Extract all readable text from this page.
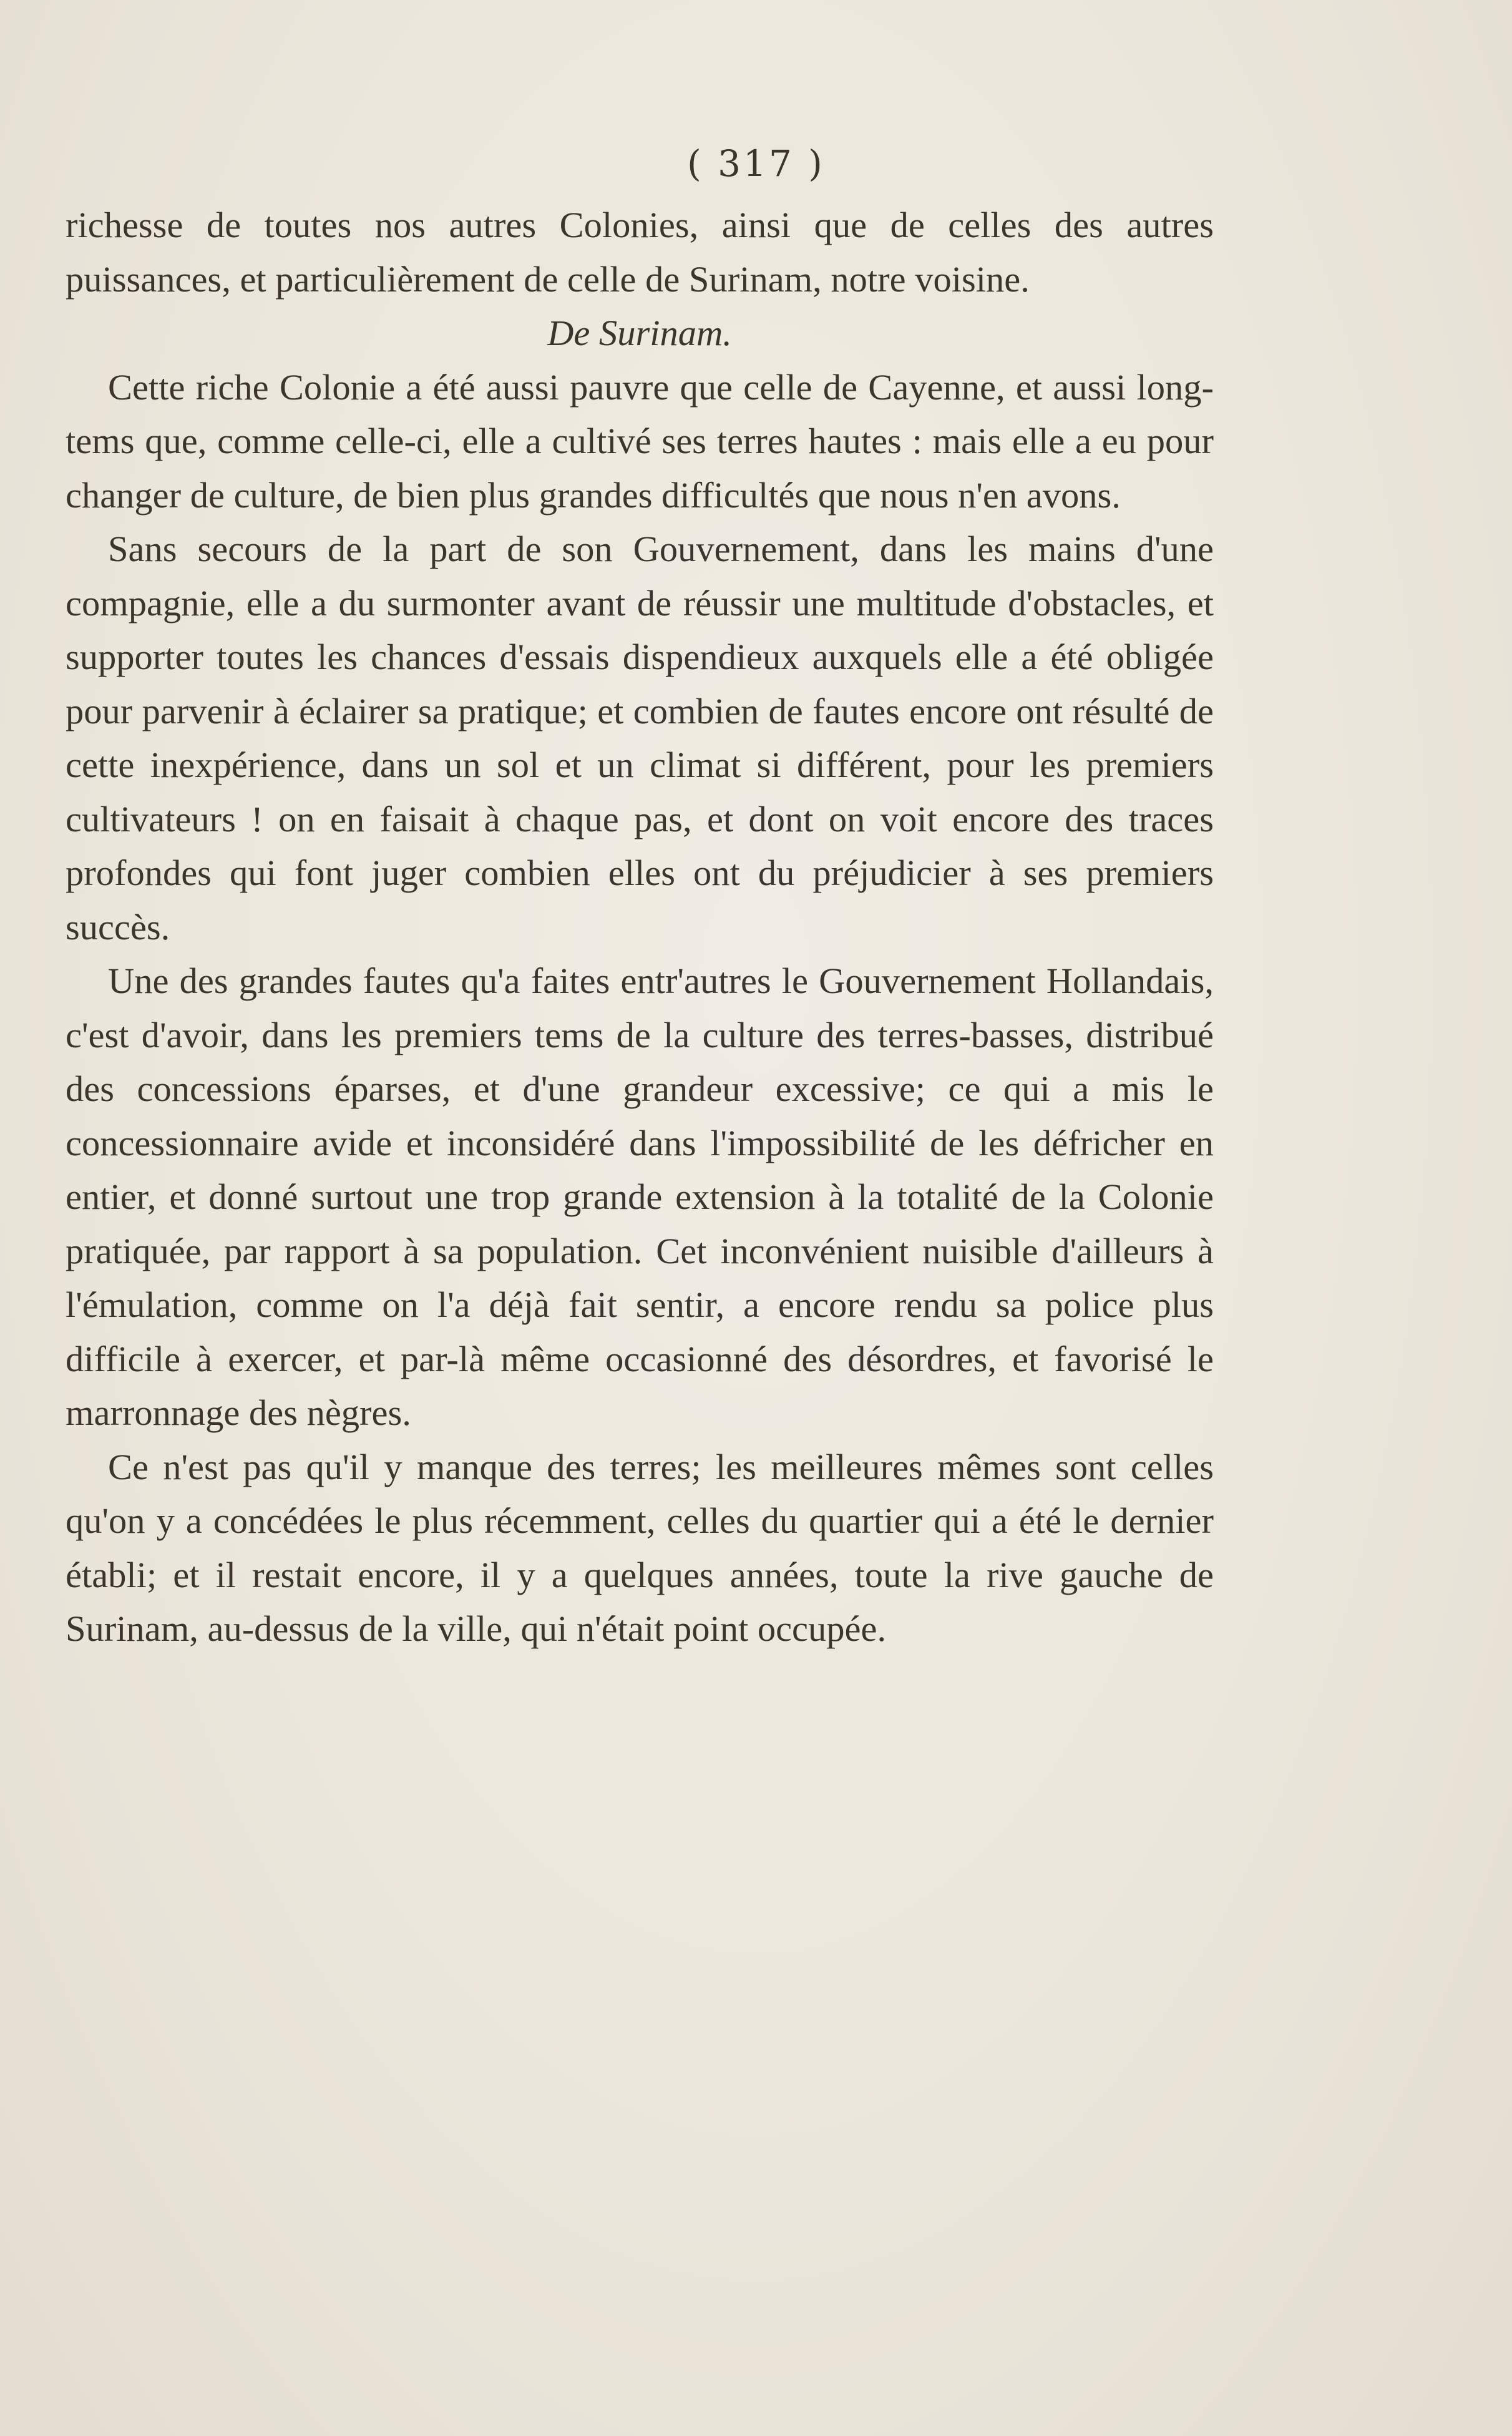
( 317 )

richesse de toutes nos autres Colonies, ainsi que de celles des autres puissances, et particulièrement de celle de Surinam, notre voisine.

De Surinam.

Cette riche Colonie a été aussi pauvre que celle de Cayenne, et aussi long-tems que, comme celle-ci, elle a cultivé ses terres hautes : mais elle a eu pour changer de culture, de bien plus grandes difficultés que nous n'en avons.

Sans secours de la part de son Gouvernement, dans les mains d'une compagnie, elle a du surmonter avant de réussir une multitude d'obstacles, et supporter toutes les chances d'essais dispendieux auxquels elle a été obligée pour parvenir à éclairer sa pratique; et combien de fautes encore ont résulté de cette inexpérience, dans un sol et un climat si différent, pour les premiers cultivateurs ! on en faisait à chaque pas, et dont on voit encore des traces profondes qui font juger combien elles ont du préjudicier à ses premiers succès.

Une des grandes fautes qu'a faites entr'autres le Gouvernement Hollandais, c'est d'avoir, dans les premiers tems de la culture des terres-basses, distribué des concessions éparses, et d'une grandeur excessive; ce qui a mis le concessionnaire avide et inconsidéré dans l'impossibilité de les défricher en entier, et donné surtout une trop grande extension à la totalité de la Colonie pratiquée, par rapport à sa population. Cet inconvénient nuisible d'ailleurs à l'émulation, comme on l'a déjà fait sentir, a encore rendu sa police plus difficile à exercer, et par-là même occasionné des désordres, et favorisé le marronnage des nègres.

Ce n'est pas qu'il y manque des terres; les meilleures mêmes sont celles qu'on y a concédées le plus récemment, celles du quartier qui a été le dernier établi; et il restait encore, il y a quelques années, toute la rive gauche de Surinam, au-dessus de la ville, qui n'était point occupée.
